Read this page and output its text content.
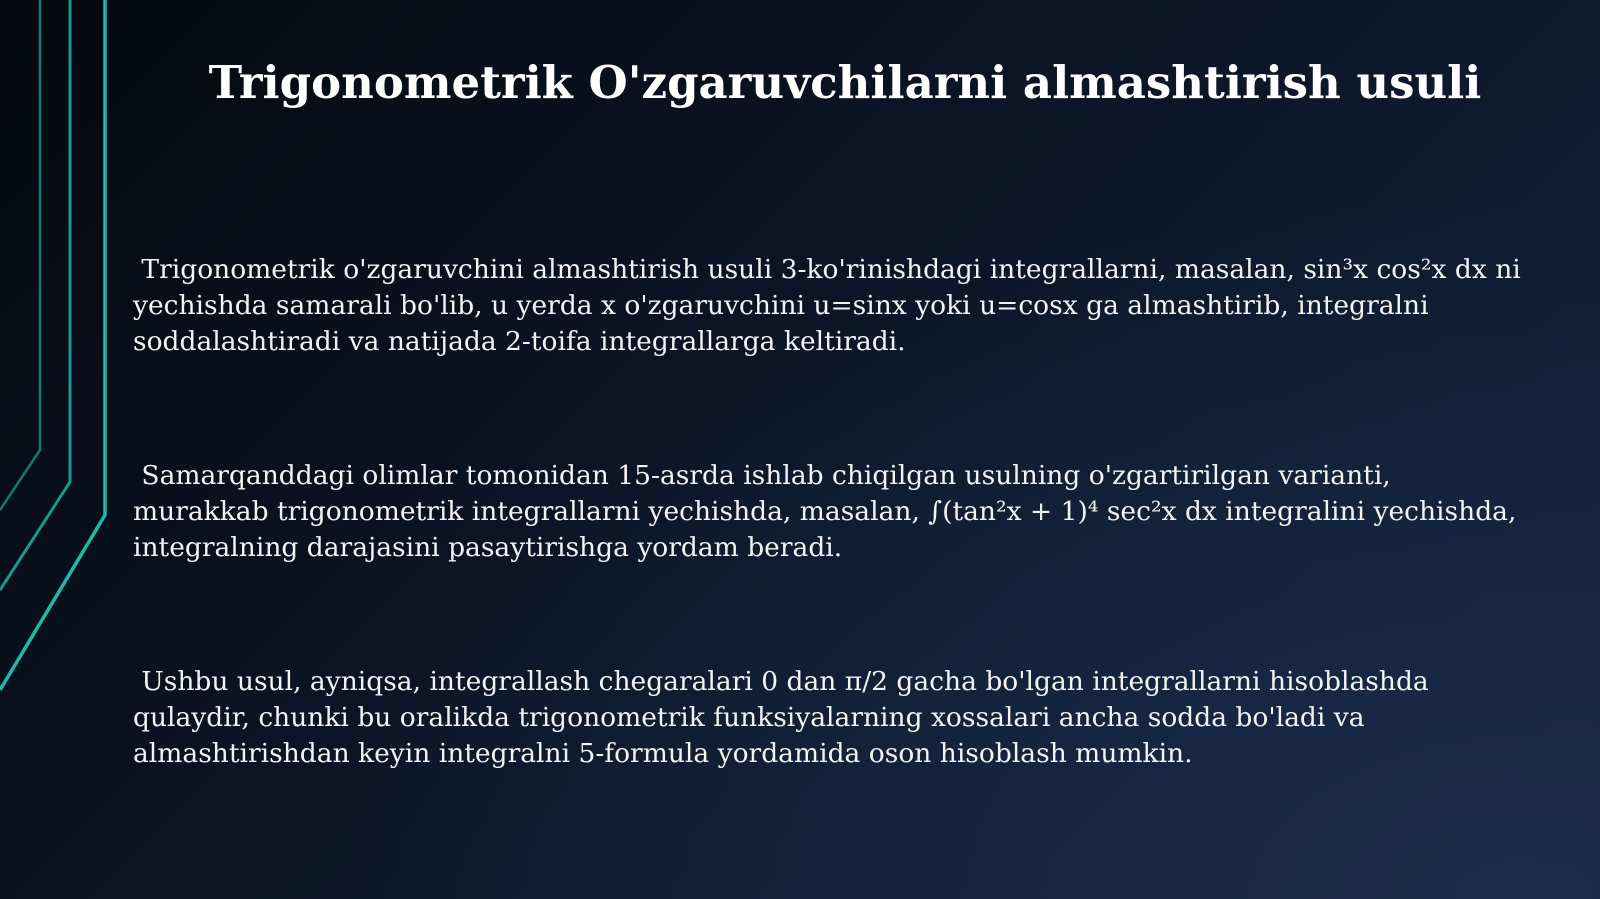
Trigonometrik O'zgaruvchilarni almashtirish usuli

Trigonometrik o'zgaruvchini almashtirish usuli 3-ko'rinishdagi integrallarni, masalan, sin³x cos²x dx ni yechishda samarali bo'lib, u yerda x o'zgaruvchini u=sinx yoki u=cosx ga almashtirib, integralni soddalashtiradi va natijada 2-toifa integrallarga keltiradi.

Samarqanddagi olimlar tomonidan 15-asrda ishlab chiqilgan usulning o'zgartirilgan varianti, murakkab trigonometrik integrallarni yechishda, masalan, ∫(tan²x + 1)⁴ sec²x dx integralini yechishda, integralning darajasini pasaytirishga yordam beradi.

Ushbu usul, ayniqsa, integrallash chegaralari 0 dan π/2 gacha bo'lgan integrallarni hisoblashda qulaydir, chunki bu oralikda trigonometrik funksiyalarning xossalari ancha sodda bo'ladi va almashtirishdan keyin integralni 5-formula yordamida oson hisoblash mumkin.
